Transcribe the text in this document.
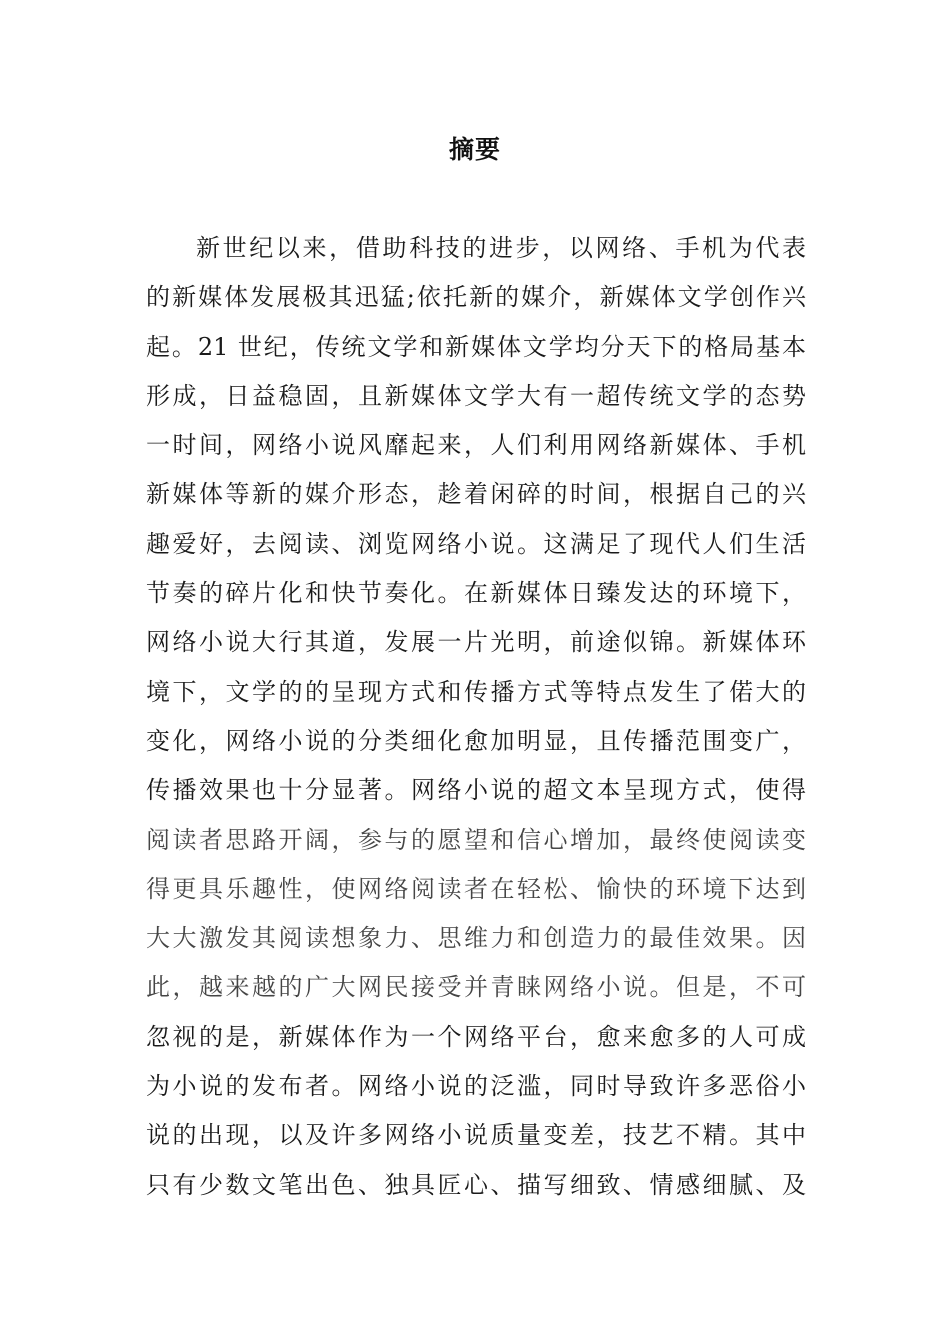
摘要
新世纪以来，借助科技的进步，以网络、手机为代表
的新媒体发展极其迅猛;依托新的媒介，新媒体文学创作兴
起。21 世纪，传统文学和新媒体文学均分天下的格局基本
形成，日益稳固，且新媒体文学大有一超传统文学的态势
一时间，网络小说风靡起来，人们利用网络新媒体、手机
新媒体等新的媒介形态，趁着闲碎的时间，根据自己的兴
趣爱好，去阅读、浏览网络小说。这满足了现代人们生活
节奏的碎片化和快节奏化。在新媒体日臻发达的环境下，
网络小说大行其道，发展一片光明，前途似锦。新媒体环
境下，文学的的呈现方式和传播方式等特点发生了偌大的
变化，网络小说的分类细化愈加明显，且传播范围变广，
传播效果也十分显著。网络小说的超文本呈现方式，使得
阅读者思路开阔，参与的愿望和信心增加，最终使阅读变
得更具乐趣性，使网络阅读者在轻松、愉快的环境下达到
大大激发其阅读想象力、思维力和创造力的最佳效果。因
此，越来越的广大网民接受并青睐网络小说。但是，不可
忽视的是，新媒体作为一个网络平台，愈来愈多的人可成
为小说的发布者。网络小说的泛滥，同时导致许多恶俗小
说的出现，以及许多网络小说质量变差，技艺不精。其中
只有少数文笔出色、独具匠心、描写细致、情感细腻、及
